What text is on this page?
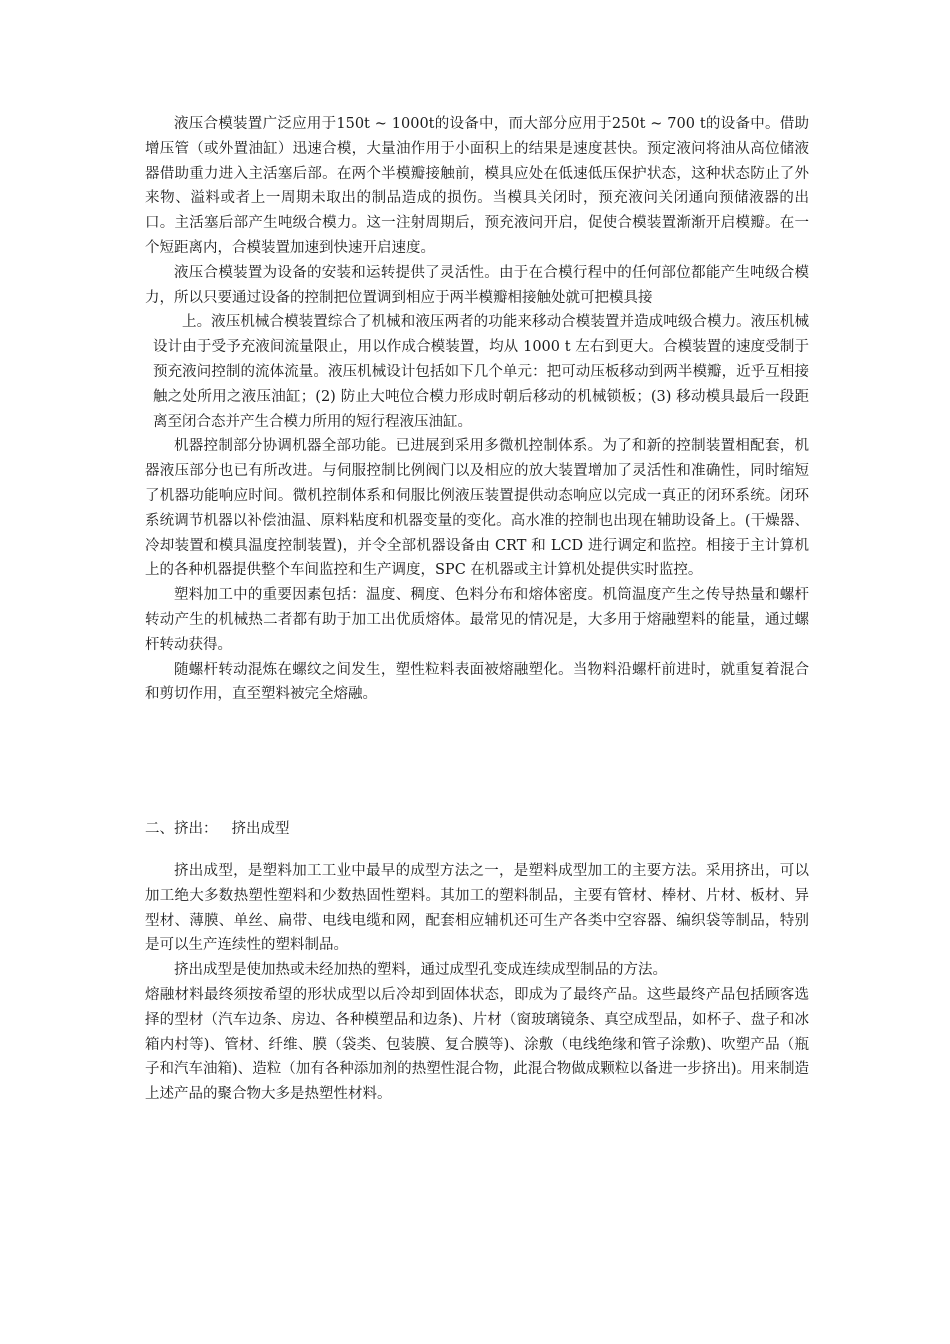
液压合模装置广泛应用于150t ~ 1000t的设备中，而大部分应用于250t ~ 700 t的设备中。借助增压管（或外置油缸）迅速合模，大量油作用于小面积上的结果是速度甚快。预定液问将油从高位储液器借助重力进入主活塞后部。在两个半模瓣接触前，模具应处在低速低压保护状态，这种状态防止了外来物、溢料或者上一周期未取出的制品造成的损伤。当模具关闭时，预充液问关闭通向预储液器的出口。主活塞后部产生吨级合模力。这一注射周期后，预充液问开启，促使合模装置渐渐开启模瓣。在一个短距离内，合模装置加速到快速开启速度。

液压合模装置为设备的安装和运转提供了灵活性。由于在合模行程中的任何部位都能产生吨级合模力，所以只要通过设备的控制把位置调到相应于两半模瓣相接触处就可把模具接

上。液压机械合模装置综合了机械和液压两者的功能来移动合模装置并造成吨级合模力。液压机械设计由于受予充液间流量限止，用以作成合模装置，均从 1000 t 左右到更大。合模装置的速度受制于预充液问控制的流体流量。液压机械设计包括如下几个单元：把可动压板移动到两半模瓣，近乎互相接触之处所用之液压油缸；(2) 防止大吨位合模力形成时朝后移动的机械锁板；(3) 移动模具最后一段距离至闭合态并产生合模力所用的短行程液压油缸。

机器控制部分协调机器全部功能。已进展到采用多微机控制体系。为了和新的控制装置相配套，机器液压部分也已有所改进。与伺服控制比例阀门以及相应的放大装置增加了灵活性和准确性，同时缩短了机器功能响应时间。微机控制体系和伺服比例液压装置提供动态响应以完成一真正的闭环系统。闭环系统调节机器以补偿油温、原料粘度和机器变量的变化。高水准的控制也出现在辅助设备上。(干燥器、冷却装置和模具温度控制装置)，并令全部机器设备由 CRT 和 LCD 进行调定和监控。相接于主计算机上的各种机器提供整个车间监控和生产调度，SPC 在机器或主计算机处提供实时监控。

塑料加工中的重要因素包括：温度、稠度、色料分布和熔体密度。机筒温度产生之传导热量和螺杆转动产生的机械热二者都有助于加工出优质熔体。最常见的情况是，大多用于熔融塑料的能量，通过螺杆转动获得。

随螺杆转动混炼在螺纹之间发生，塑性粒料表面被熔融塑化。当物料沿螺杆前进时，就重复着混合和剪切作用，直至塑料被完全熔融。

二、挤出： 挤出成型

挤出成型，是塑料加工工业中最早的成型方法之一，是塑料成型加工的主要方法。采用挤出，可以加工绝大多数热塑性塑料和少数热固性塑料。其加工的塑料制品，主要有管材、棒材、片材、板材、异型材、薄膜、单丝、扁带、电线电缆和网，配套相应辅机还可生产各类中空容器、编织袋等制品，特别是可以生产连续性的塑料制品。

挤出成型是使加热或未经加热的塑料，通过成型孔变成连续成型制品的方法。

熔融材料最终须按希望的形状成型以后冷却到固体状态，即成为了最终产品。这些最终产品包括顾客选择的型材（汽车边条、房边、各种模塑品和边条)、片材（窗玻璃镜条、真空成型品，如杯子、盘子和冰箱内村等)、管材、纤维、膜（袋类、包装膜、复合膜等)、涂敷（电线绝缘和管子涂敷)、吹塑产品（瓶子和汽车油箱)、造粒（加有各种添加剂的热塑性混合物，此混合物做成颗粒以备进一步挤出)。用来制造上述产品的聚合物大多是热塑性材料。
